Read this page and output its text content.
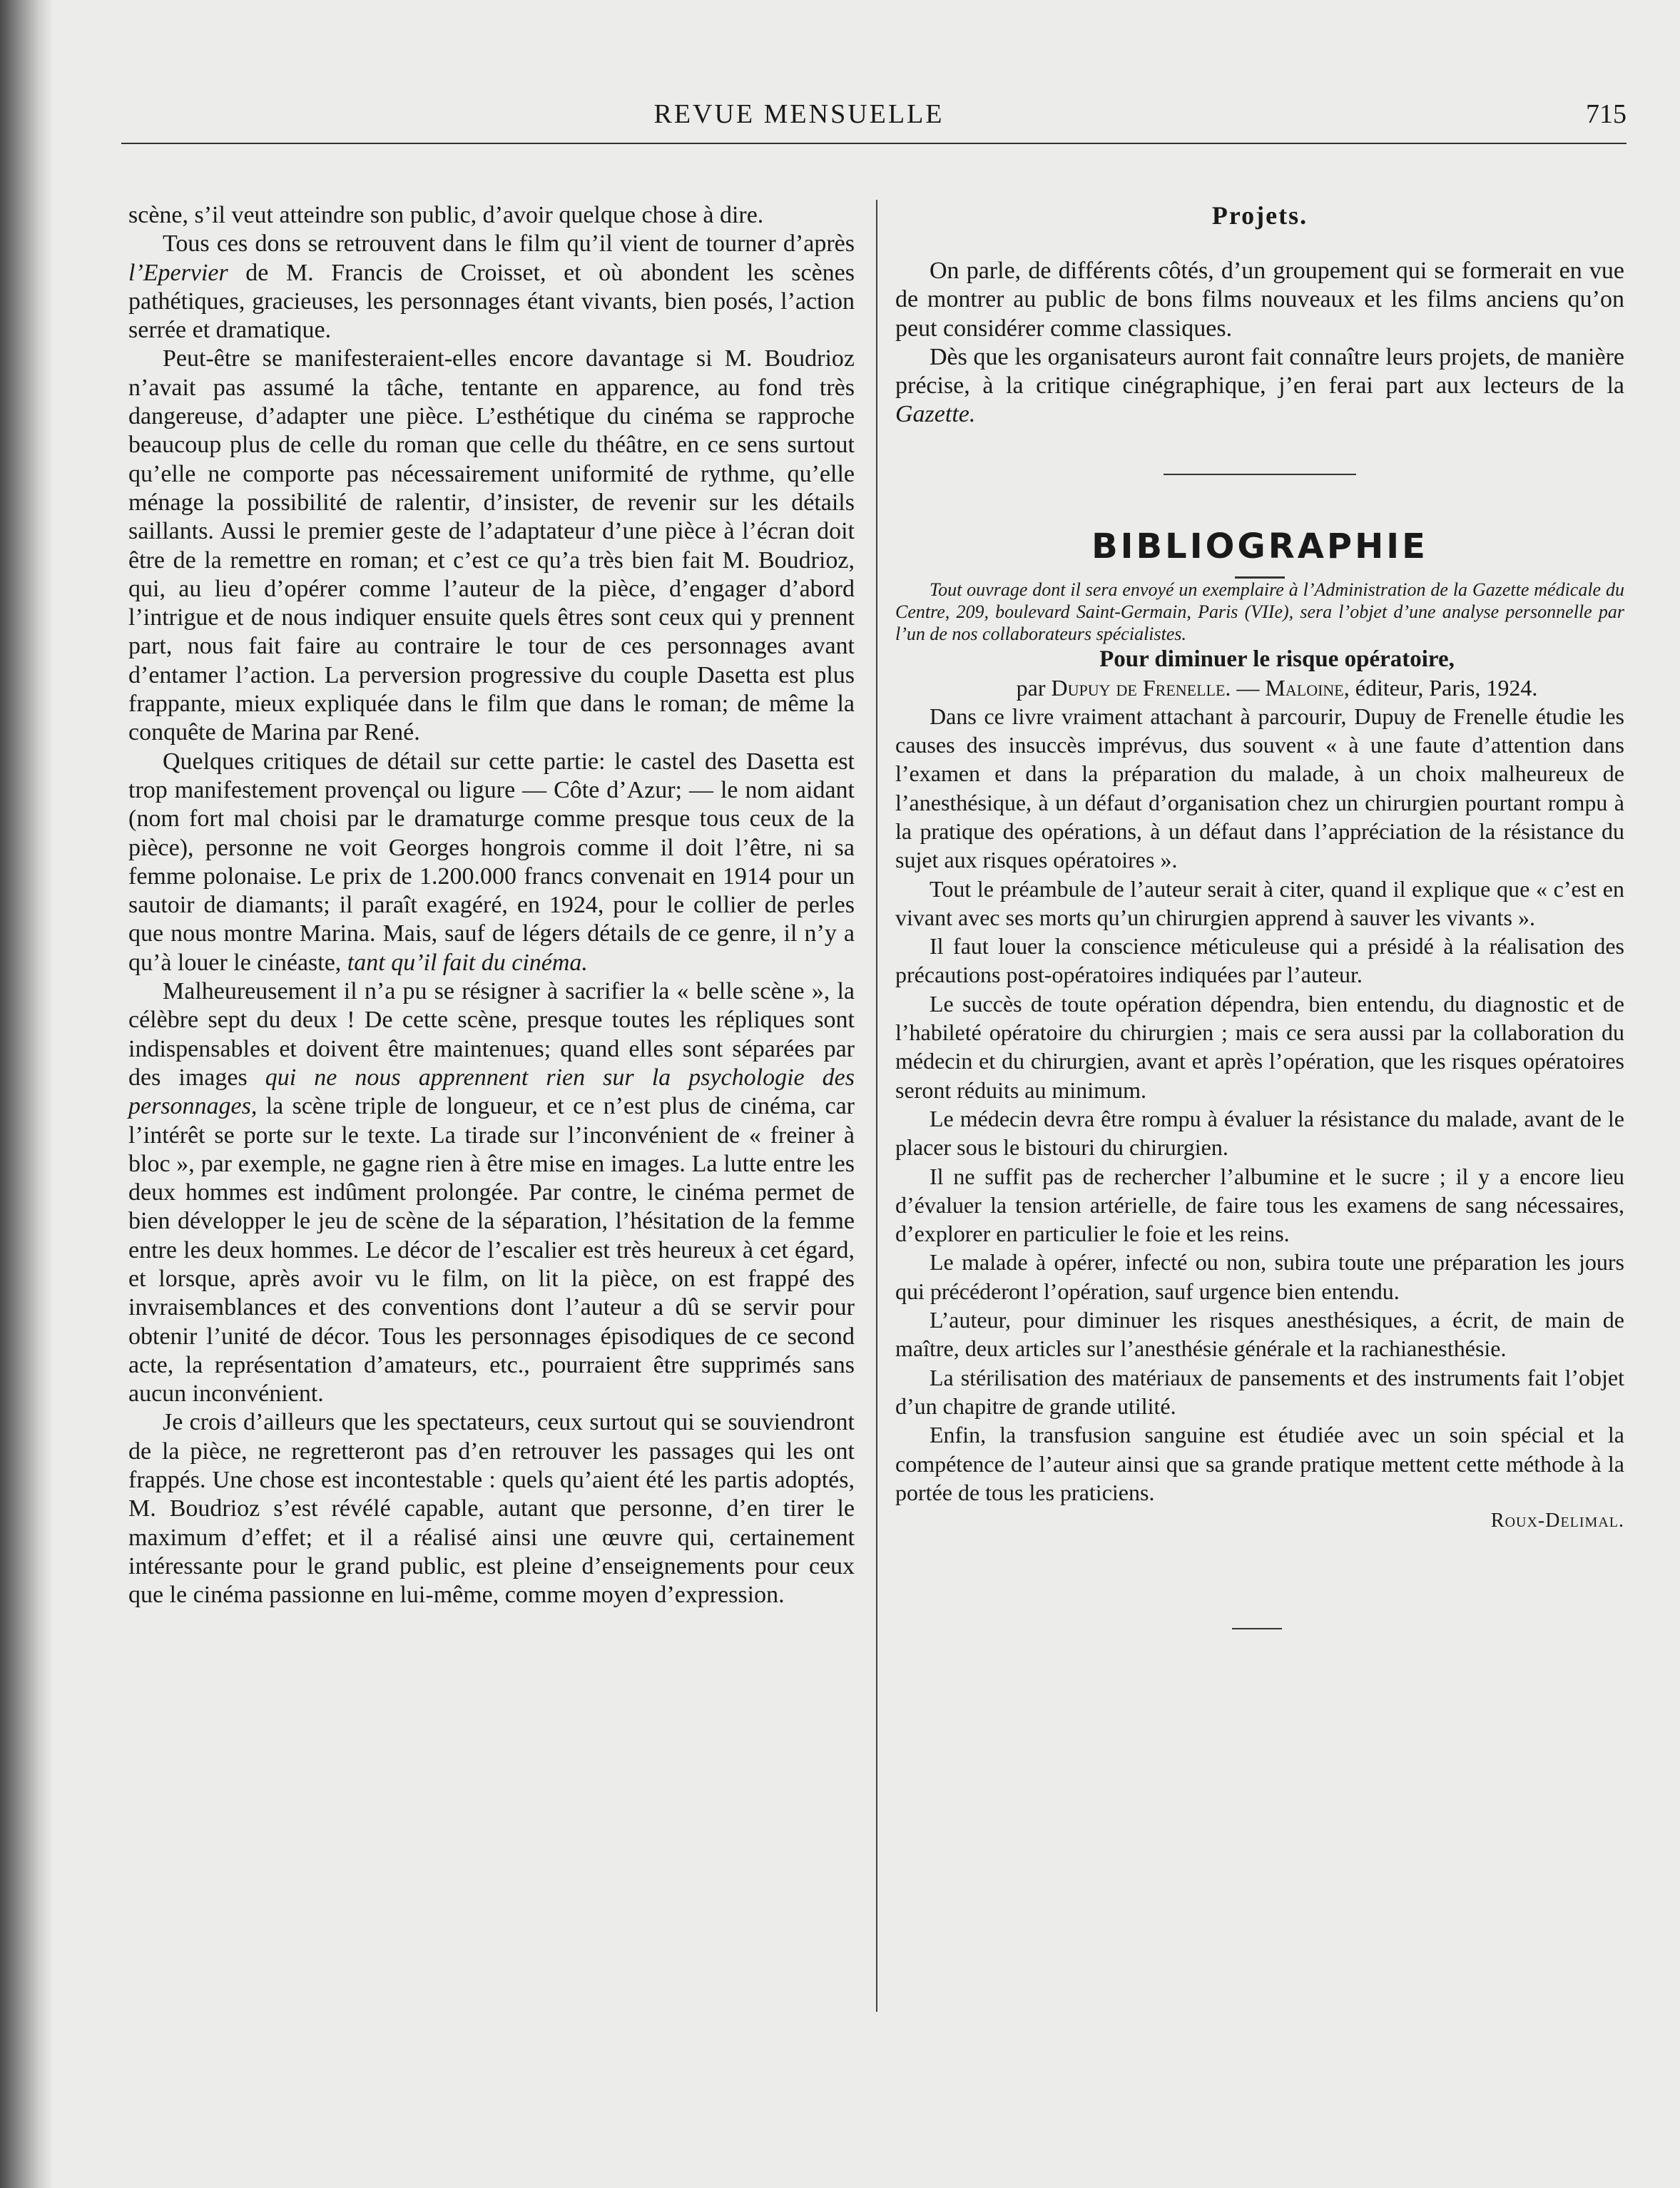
REVUE MENSUELLE	715

scène, s’il veut atteindre son public, d’avoir quelque chose à dire.

Tous ces dons se retrouvent dans le film qu’il vient de tourner d’après l’Epervier de M. Francis de Croisset, et où abondent les scènes pathétiques, gracieuses, les personnages étant vivants, bien posés, l’action serrée et dramatique.

Peut-être se manifesteraient-elles encore davantage si M. Boudrioz n’avait pas assumé la tâche, tentante en apparence, au fond très dangereuse, d’adapter une pièce. L’esthétique du cinéma se rapproche beaucoup plus de celle du roman que celle du théâtre, en ce sens surtout qu’elle ne comporte pas nécessairement uniformité de rythme, qu’elle ménage la possibilité de ralentir, d’insister, de revenir sur les détails saillants. Aussi le premier geste de l’adaptateur d’une pièce à l’écran doit être de la remettre en roman; et c’est ce qu’a très bien fait M. Boudrioz, qui, au lieu d’opérer comme l’auteur de la pièce, d’engager d’abord l’intrigue et de nous indiquer ensuite quels êtres sont ceux qui y prennent part, nous fait faire au contraire le tour de ces personnages avant d’entamer l’action. La perversion progressive du couple Dasetta est plus frappante, mieux expliquée dans le film que dans le roman; de même la conquête de Marina par René.

Quelques critiques de détail sur cette partie: le castel des Dasetta est trop manifestement provençal ou ligure — Côte d’Azur; — le nom aidant (nom fort mal choisi par le dramaturge comme presque tous ceux de la pièce), personne ne voit Georges hongrois comme il doit l’être, ni sa femme polonaise. Le prix de 1.200.000 francs convenait en 1914 pour un sautoir de diamants; il paraît exagéré, en 1924, pour le collier de perles que nous montre Marina. Mais, sauf de légers détails de ce genre, il n’y a qu’à louer le cinéaste, tant qu’il fait du cinéma.

Malheureusement il n’a pu se résigner à sacrifier la « belle scène », la célèbre sept du deux ! De cette scène, presque toutes les répliques sont indispensables et doivent être maintenues; quand elles sont séparées par des images qui ne nous apprennent rien sur la psychologie des personnages, la scène triple de longueur, et ce n’est plus de cinéma, car l’intérêt se porte sur le texte. La tirade sur l’inconvénient de « freiner à bloc », par exemple, ne gagne rien à être mise en images. La lutte entre les deux hommes est indûment prolongée. Par contre, le cinéma permet de bien développer le jeu de scène de la séparation, l’hésitation de la femme entre les deux hommes. Le décor de l’escalier est très heureux à cet égard, et lorsque, après avoir vu le film, on lit la pièce, on est frappé des invraisemblances et des conventions dont l’auteur a dû se servir pour obtenir l’unité de décor. Tous les personnages épisodiques de ce second acte, la représentation d’amateurs, etc., pourraient être supprimés sans aucun inconvénient.

Je crois d’ailleurs que les spectateurs, ceux surtout qui se souviendront de la pièce, ne regretteront pas d’en retrouver les passages qui les ont frappés. Une chose est incontestable : quels qu’aient été les partis adoptés, M. Boudrioz s’est révélé capable, autant que personne, d’en tirer le maximum d’effet; et il a réalisé ainsi une œuvre qui, certainement intéressante pour le grand public, est pleine d’enseignements pour ceux que le cinéma passionne en lui-même, comme moyen d’expression.

Projets.

On parle, de différents côtés, d’un groupement qui se formerait en vue de montrer au public de bons films nouveaux et les films anciens qu’on peut considérer comme classiques.

Dès que les organisateurs auront fait connaître leurs projets, de manière précise, à la critique cinégraphique, j’en ferai part aux lecteurs de la Gazette.

BIBLIOGRAPHIE

Tout ouvrage dont il sera envoyé un exemplaire à l’Administration de la Gazette médicale du Centre, 209, boulevard Saint-Germain, Paris (VIIe), sera l’objet d’une analyse personnelle par l’un de nos collaborateurs spécialistes.

Pour diminuer le risque opératoire,

par Dupuy de Frenelle. — Maloine, éditeur, Paris, 1924.

Dans ce livre vraiment attachant à parcourir, Dupuy de Frenelle étudie les causes des insuccès imprévus, dus souvent « à une faute d’attention dans l’examen et dans la préparation du malade, à un choix malheureux de l’anesthésique, à un défaut d’organisation chez un chirurgien pourtant rompu à la pratique des opérations, à un défaut dans l’appréciation de la résistance du sujet aux risques opératoires ».

Tout le préambule de l’auteur serait à citer, quand il explique que « c’est en vivant avec ses morts qu’un chirurgien apprend à sauver les vivants ».

Il faut louer la conscience méticuleuse qui a présidé à la réalisation des précautions post-opératoires indiquées par l’auteur.

Le succès de toute opération dépendra, bien entendu, du diagnostic et de l’habileté opératoire du chirurgien ; mais ce sera aussi par la collaboration du médecin et du chirurgien, avant et après l’opération, que les risques opératoires seront réduits au minimum.

Le médecin devra être rompu à évaluer la résistance du malade, avant de le placer sous le bistouri du chirurgien.

Il ne suffit pas de rechercher l’albumine et le sucre ; il y a encore lieu d’évaluer la tension artérielle, de faire tous les examens de sang nécessaires, d’explorer en particulier le foie et les reins.

Le malade à opérer, infecté ou non, subira toute une préparation les jours qui précéderont l’opération, sauf urgence bien entendu.

L’auteur, pour diminuer les risques anesthésiques, a écrit, de main de maître, deux articles sur l’anesthésie générale et la rachianesthésie.

La stérilisation des matériaux de pansements et des instruments fait l’objet d’un chapitre de grande utilité.

Enfin, la transfusion sanguine est étudiée avec un soin spécial et la compétence de l’auteur ainsi que sa grande pratique mettent cette méthode à la portée de tous les praticiens.

Roux-Delimal.
